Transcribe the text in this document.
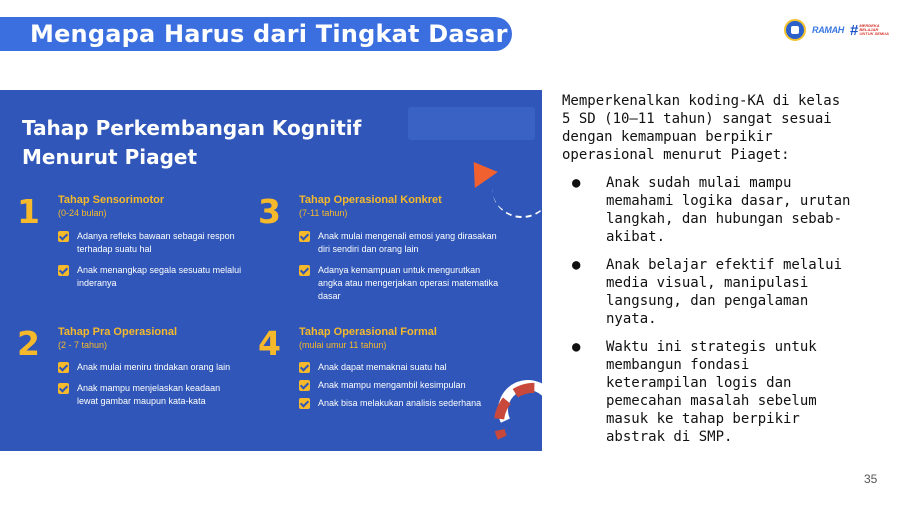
Mengapa Harus dari Tingkat Dasar	RAMAH # MERDEKA
BELAJAR
UNTUK SEMUA
Tahap Perkembangan Kognitif
Menurut Piaget
1 Tahap Sensorimotor
(0-24 bulan)
Adanya refleks bawaan sebagai respon terhadap suatu hal
Anak menangkap segala sesuatu melalui inderanya
3 Tahap Operasional Konkret
(7-11 tahun)
Anak mulai mengenali emosi yang dirasakan diri sendiri dan orang lain
Adanya kemampuan untuk mengurutkan angka atau mengerjakan operasi matematika dasar
2 Tahap Pra Operasional
(2 - 7 tahun)
Anak mulai meniru tindakan orang lain
Anak mampu menjelaskan keadaan lewat gambar maupun kata-kata
4 Tahap Operasional Formal
(mulai umur 11 tahun)
Anak dapat memaknai suatu hal
Anak mampu mengambil kesimpulan
Anak bisa melakukan analisis sederhana
Memperkenalkan koding-KA di kelas 5 SD (10–11 tahun) sangat sesuai dengan kemampuan berpikir operasional menurut Piaget:
● Anak sudah mulai mampu memahami logika dasar, urutan langkah, dan hubungan sebab-akibat.
● Anak belajar efektif melalui media visual, manipulasi langsung, dan pengalaman nyata.
● Waktu ini strategis untuk membangun fondasi keterampilan logis dan pemecahan masalah sebelum masuk ke tahap berpikir abstrak di SMP.
35
